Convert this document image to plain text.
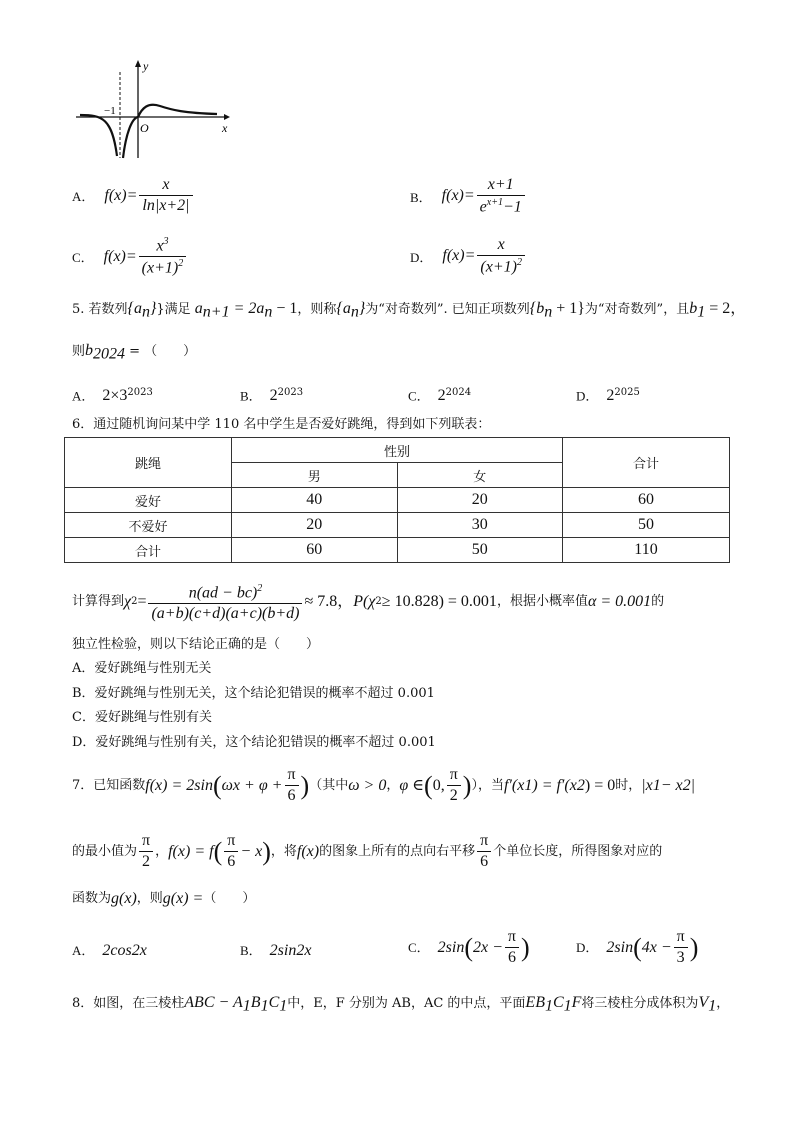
y
x
O
−1
A． $f(x)= \frac{x}{\ln|x+2|}$	B． $f(x)= \frac{x+1}{e^{x+1}-1}$
C． $f(x)= \frac{x^3}{(x+1)^2}$	D． $f(x)= \frac{x}{(x+1)^2}$
5. 若数列$\{a_n\}$}满足 $a_{n+1} = 2a_n - 1$，则称$\{a_n\}$为“对奇数列”. 已知正项数列$\{b_n + 1\}$为“对奇数列”，且$b_1 = 2$，
则$b_{2024}$ = （　　）
A． $2\times 3^{2023}$	B． $2^{2023}$	C． $2^{2024}$	D． $2^{2025}$
6．通过随机询问某中学 110 名中学生是否爱好跳绳，得到如下列联表：
跳绳	性别		合计
	男	女	
爱好	40	20	60
不爱好	20	30	50
合计	60	50	110
计算得到 χ $2 = \frac{n(ad - bc)^2}{(a+b)(c+d)(a+c)(b+d)} \approx 7.8$， P(χ 2 ≥ 10.828) = 0.001 ，根据小概率值 α = 0.001 的
独立性检验，则以下结论正确的是（　　）
A．爱好跳绳与性别无关
B．爱好跳绳与性别无关，这个结论犯错误的概率不超过 0.001
C．爱好跳绳与性别有关
D．爱好跳绳与性别有关，这个结论犯错误的概率不超过 0.001
7．已知函数 f(x) = 2sin ( $\omega x + \varphi + \frac{\pi}{6}$ ) （其中 ω > 0 ， φ ∈ ( 0, $\frac{\pi}{2}$ ) ），当 f′(x 1 ) = f′(x 2 ) = 0 时， |x 1 − x 2 |
的最小值为 $\frac{\pi}{2}$ ， f(x) = f ( $\frac{\pi}{6} - x$ ) ，将 f(x) 的图象上所有的点向右平移 $\frac{\pi}{6}$ 个单位长度，所得图象对应的
函数为 g(x) ，则 g(x) = （　　）
A． 2cos2x	B． 2sin2x	C． 2sin ( $2x - \frac{\pi}{6}$ )	D． 2sin ( $4x - \frac{\pi}{3}$ )
8．如图，在三棱柱ABC − $A_1B_1C_1$中，E，F 分别为 AB，AC 的中点，平面$EB_1C_1F$将三棱柱分成体积为$V_1$，
